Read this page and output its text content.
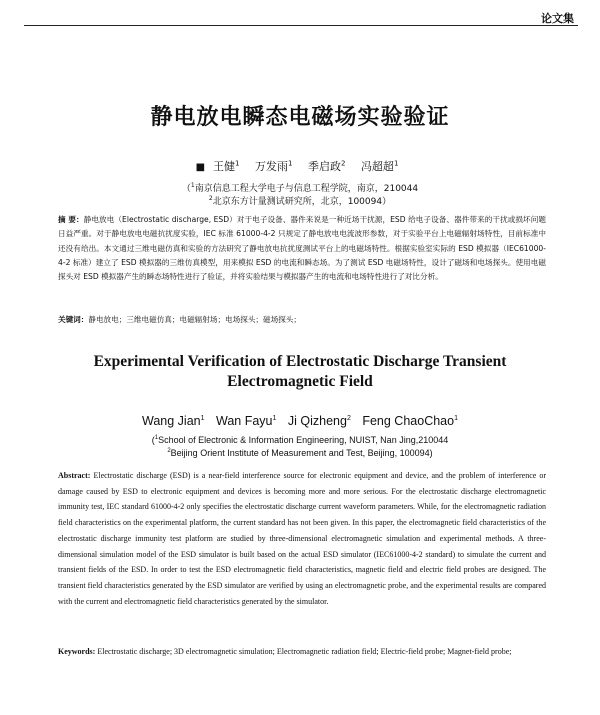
论文集
静电放电瞬态电磁场实验验证
■ 王健$^1$ 万发雨$^1$ 季启政$^2$ 冯超超$^1$
（$^1$南京信息工程大学电子与信息工程学院，南京，210044
$^2$北京东方计量测试研究所，北京，100094）
摘 要：静电放电（Electrostatic discharge, ESD）对于电子设备、器件来说是一种近场干扰源，ESD 给电子设备、器件带来的干扰或损坏问题日益严重。对于静电放电电磁抗扰度实验，IEC 标准 61000-4-2 只规定了静电放电电流波形参数，对于实验平台上电磁辐射场特性，目前标准中还没有给出。本文通过三维电磁仿真和实验的方法研究了静电放电抗扰度测试平台上的电磁场特性。根据实验室实际的 ESD 模拟器（IEC61000-4-2 标准）建立了 ESD 模拟器的三维仿真模型，用来模拟 ESD 的电流和瞬态场。为了测试 ESD 电磁场特性，设计了磁场和电场探头。使用电磁探头对 ESD 模拟器产生的瞬态场特性进行了验证，并将实验结果与模拟器产生的电流和电场特性进行了对比分析。
关键词：静电放电；三维电磁仿真；电磁辐射场；电场探头；磁场探头；
Experimental Verification of Electrostatic Discharge Transient
Electromagnetic Field
Wang Jian$^1$ Wan Fayu$^1$ Ji Qizheng$^2$ Feng ChaoChao$^1$
($^1$School of Electronic & Information Engineering, NUIST, Nan Jing,210044
$^2$Beijing Orient Institute of Measurement and Test, Beijing, 100094)
Abstract: Electrostatic discharge (ESD) is a near-field interference source for electronic equipment and device, and the problem of interference or damage caused by ESD to electronic equipment and devices is becoming more and more serious. For the electrostatic discharge electromagnetic immunity test, IEC standard 61000-4-2 only specifies the electrostatic discharge current waveform parameters. While, for the electromagnetic radiation field characteristics on the experimental platform, the current standard has not been given. In this paper, the electromagnetic field characteristics of the electrostatic discharge immunity test platform are studied by three-dimensional electromagnetic simulation and experimental methods. A three-dimensional simulation model of the ESD simulator is built based on the actual ESD simulator (IEC61000-4-2 standard) to simulate the current and transient fields of the ESD. In order to test the ESD electromagnetic field characteristics, magnetic field and electric field probes are designed. The transient field characteristics generated by the ESD simulator are verified by using an electromagnetic probe, and the experimental results are compared with the current and electromagnetic field characteristics generated by the simulator.
Keywords: Electrostatic discharge; 3D electromagnetic simulation; Electromagnetic radiation field; Electric-field probe; Magnet-field probe;
